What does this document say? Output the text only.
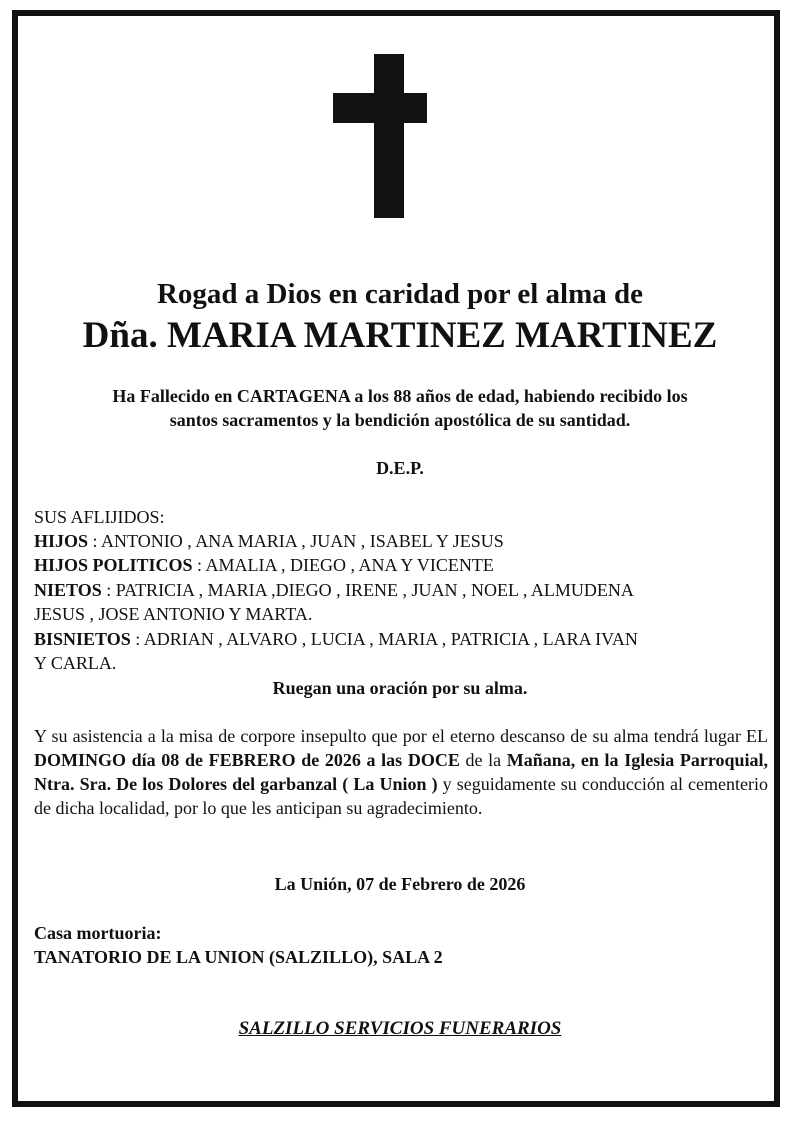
Rogad a Dios en caridad por el alma de
Dña. MARIA MARTINEZ MARTINEZ
Ha Fallecido en CARTAGENA a los 88 años de edad, habiendo recibido los
santos sacramentos y la bendición apostólica de su santidad.
D.E.P.
SUS AFLIJIDOS:
HIJOS : ANTONIO , ANA MARIA , JUAN , ISABEL Y JESUS
HIJOS POLITICOS : AMALIA , DIEGO , ANA Y VICENTE
NIETOS : PATRICIA , MARIA ,DIEGO , IRENE , JUAN , NOEL , ALMUDENA
JESUS , JOSE ANTONIO Y MARTA.
BISNIETOS : ADRIAN , ALVARO , LUCIA , MARIA , PATRICIA , LARA IVAN
Y CARLA.
Ruegan una oración por su alma.
Y su asistencia a la misa de corpore insepulto que por el eterno descanso de su alma tendrá lugar EL DOMINGO día 08 de FEBRERO de 2026 a las DOCE de la Mañana, en la Iglesia Parroquial, Ntra. Sra. De los Dolores del garbanzal ( La Union ) y seguidamente su conducción al cementerio de dicha localidad, por lo que les anticipan su agradecimiento.
La Unión, 07 de Febrero de 2026
Casa mortuoria:
TANATORIO DE LA UNION (SALZILLO), SALA 2
SALZILLO SERVICIOS FUNERARIOS
